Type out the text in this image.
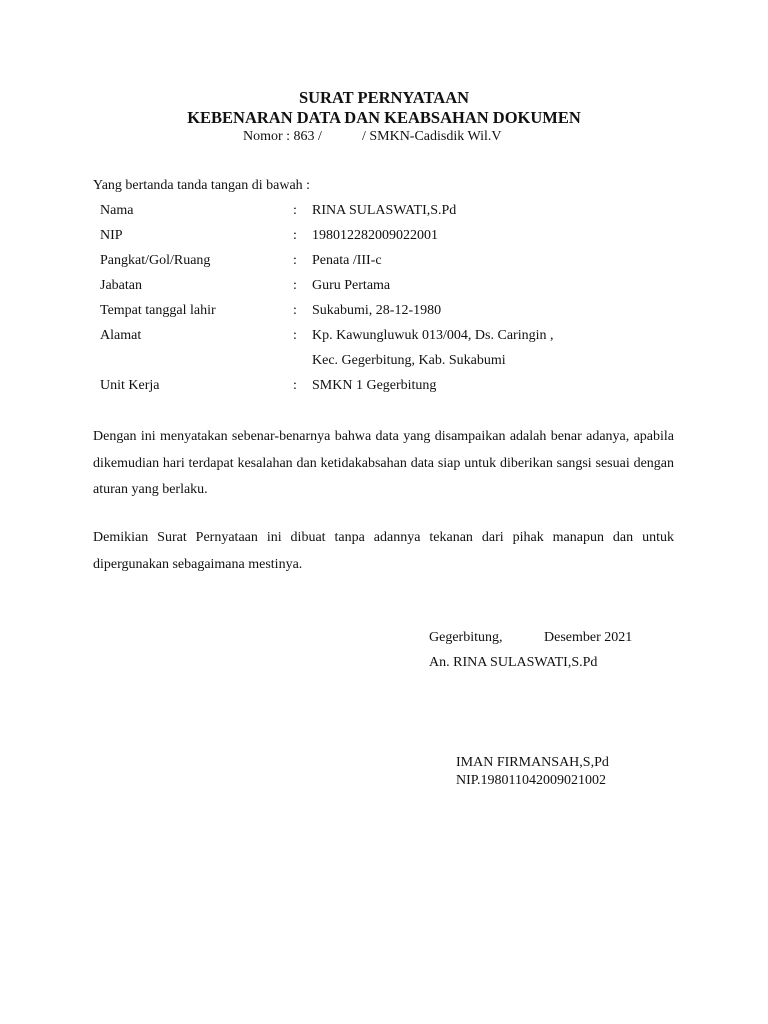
SURAT PERNYATAAN
KEBENARAN DATA DAN KEABSAHAN DOKUMEN
Nomor : 863 /	/ SMKN-Cadisdik Wil.V
Yang bertanda tanda tangan di bawah :
Nama	: RINA SULASWATI,S.Pd
NIP	: 198012282009022001
Pangkat/Gol/Ruang	: Penata /III-c
Jabatan	: Guru Pertama
Tempat tanggal lahir	: Sukabumi, 28-12-1980
Alamat	: Kp. Kawungluwuk 013/004, Ds. Caringin ,
Kec. Gegerbitung, Kab. Sukabumi
Unit Kerja	: SMKN 1 Gegerbitung
Dengan ini menyatakan sebenar-benarnya bahwa data yang disampaikan adalah benar adanya, apabila dikemudian hari terdapat kesalahan dan ketidakabsahan data siap untuk diberikan sangsi sesuai dengan aturan yang berlaku.
Demikian Surat Pernyataan ini dibuat tanpa adannya tekanan dari pihak manapun dan untuk dipergunakan sebagaimana mestinya.
Gegerbitung,	Desember 2021
An. RINA SULASWATI,S.Pd
IMAN FIRMANSAH,S,Pd
NIP.198011042009021002
